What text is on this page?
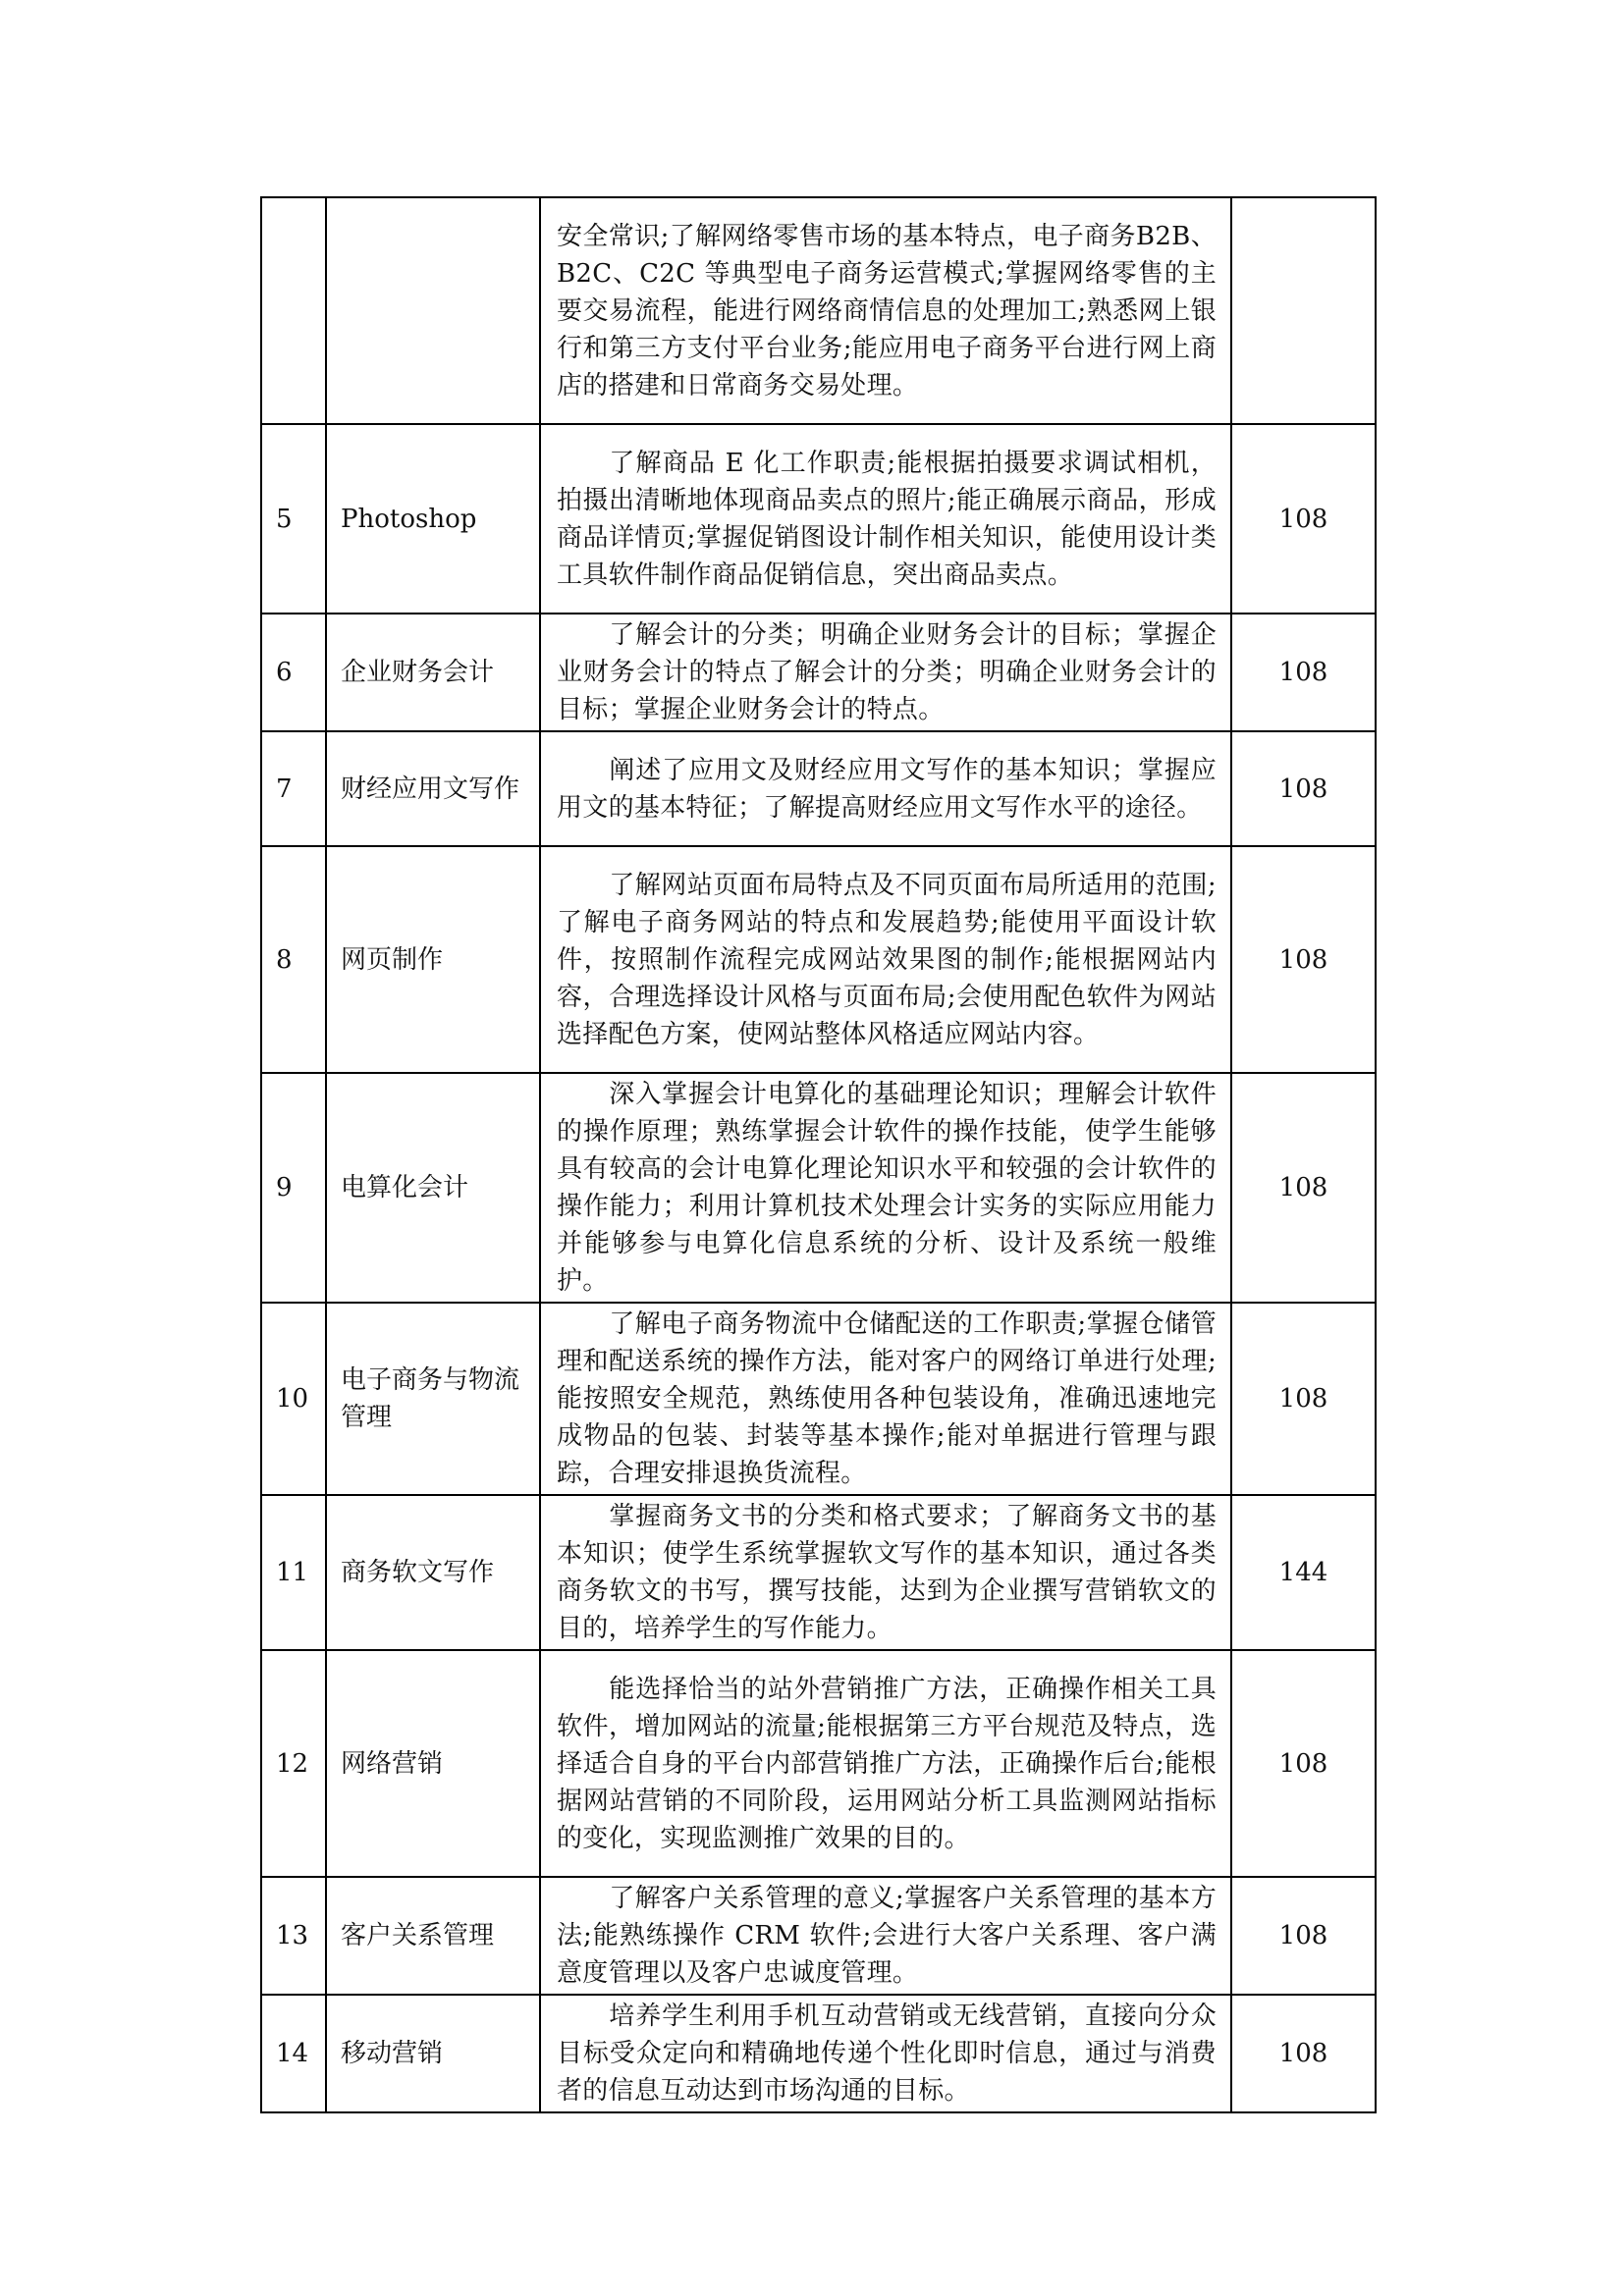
		安全常识;了解网络零售市场的基本特点，电子商务B2B、B2C、C2C 等典型电子商务运营模式;掌握网络零售的主要交易流程，能进行网络商情信息的处理加工;熟悉网上银行和第三方支付平台业务;能应用电子商务平台进行网上商店的搭建和日常商务交易处理。	
5	Photoshop	了解商品 E 化工作职责;能根据拍摄要求调试相机，拍摄出清晰地体现商品卖点的照片;能正确展示商品，形成商品详情页;掌握促销图设计制作相关知识，能使用设计类工具软件制作商品促销信息，突出商品卖点。	108
6	企业财务会计	了解会计的分类；明确企业财务会计的目标；掌握企业财务会计的特点了解会计的分类；明确企业财务会计的目标；掌握企业财务会计的特点。	108
7	财经应用文写作	阐述了应用文及财经应用文写作的基本知识；掌握应用文的基本特征；了解提高财经应用文写作水平的途径。	108
8	网页制作	了解网站页面布局特点及不同页面布局所适用的范围;了解电子商务网站的特点和发展趋势;能使用平面设计软件，按照制作流程完成网站效果图的制作;能根据网站内容，合理选择设计风格与页面布局;会使用配色软件为网站选择配色方案，使网站整体风格适应网站内容。	108
9	电算化会计	深入掌握会计电算化的基础理论知识；理解会计软件的操作原理；熟练掌握会计软件的操作技能，使学生能够具有较高的会计电算化理论知识水平和较强的会计软件的操作能力；利用计算机技术处理会计实务的实际应用能力并能够参与电算化信息系统的分析、设计及系统一般维护。	108
10	电子商务与物流管理	了解电子商务物流中仓储配送的工作职责;掌握仓储管理和配送系统的操作方法，能对客户的网络订单进行处理;能按照安全规范，熟练使用各种包装设角，准确迅速地完成物品的包装、封装等基本操作;能对单据进行管理与跟踪，合理安排退换货流程。	108
11	商务软文写作	掌握商务文书的分类和格式要求；了解商务文书的基本知识；使学生系统掌握软文写作的基本知识，通过各类商务软文的书写，撰写技能，达到为企业撰写营销软文的目的，培养学生的写作能力。	144
12	网络营销	能选择恰当的站外营销推广方法，正确操作相关工具软件，增加网站的流量;能根据第三方平台规范及特点，选择适合自身的平台内部营销推广方法，正确操作后台;能根据网站营销的不同阶段，运用网站分析工具监测网站指标的变化，实现监测推广效果的目的。	108
13	客户关系管理	了解客户关系管理的意义;掌握客户关系管理的基本方法;能熟练操作 CRM 软件;会进行大客户关系理、客户满意度管理以及客户忠诚度管理。	108
14	移动营销	培养学生利用手机互动营销或无线营销，直接向分众目标受众定向和精确地传递个性化即时信息，通过与消费者的信息互动达到市场沟通的目标。	108
